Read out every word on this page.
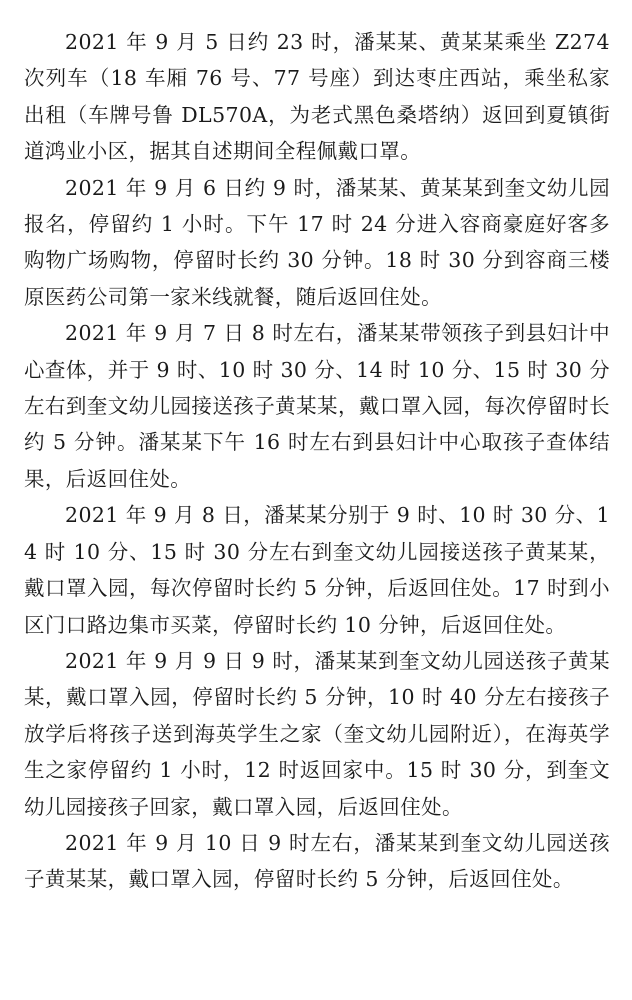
2021 年 9 月 5 日约 23 时，潘某某、黄某某乘坐 Z274 次列车（18 车厢 76 号、77 号座）到达枣庄西站，乘坐私家出租（车牌号鲁 DL570A，为老式黑色桑塔纳）返回到夏镇街道鸿业小区，据其自述期间全程佩戴口罩。

2021 年 9 月 6 日约 9 时，潘某某、黄某某到奎文幼儿园报名，停留约 1 小时。下午 17 时 24 分进入容商豪庭好客多购物广场购物，停留时长约 30 分钟。18 时 30 分到容商三楼原医药公司第一家米线就餐，随后返回住处。

2021 年 9 月 7 日 8 时左右，潘某某带领孩子到县妇计中心查体，并于 9 时、10 时 30 分、14 时 10 分、15 时 30 分左右到奎文幼儿园接送孩子黄某某，戴口罩入园，每次停留时长约 5 分钟。潘某某下午 16 时左右到县妇计中心取孩子查体结果，后返回住处。

2021 年 9 月 8 日，潘某某分别于 9 时、10 时 30 分、14 时 10 分、15 时 30 分左右到奎文幼儿园接送孩子黄某某，戴口罩入园，每次停留时长约 5 分钟，后返回住处。17 时到小区门口路边集市买菜，停留时长约 10 分钟，后返回住处。

2021 年 9 月 9 日 9 时，潘某某到奎文幼儿园送孩子黄某某，戴口罩入园，停留时长约 5 分钟，10 时 40 分左右接孩子放学后将孩子送到海英学生之家（奎文幼儿园附近），在海英学生之家停留约 1 小时，12 时返回家中。15 时 30 分，到奎文幼儿园接孩子回家，戴口罩入园，后返回住处。

2021 年 9 月 10 日 9 时左右，潘某某到奎文幼儿园送孩子黄某某，戴口罩入园，停留时长约 5 分钟，后返回住处。
